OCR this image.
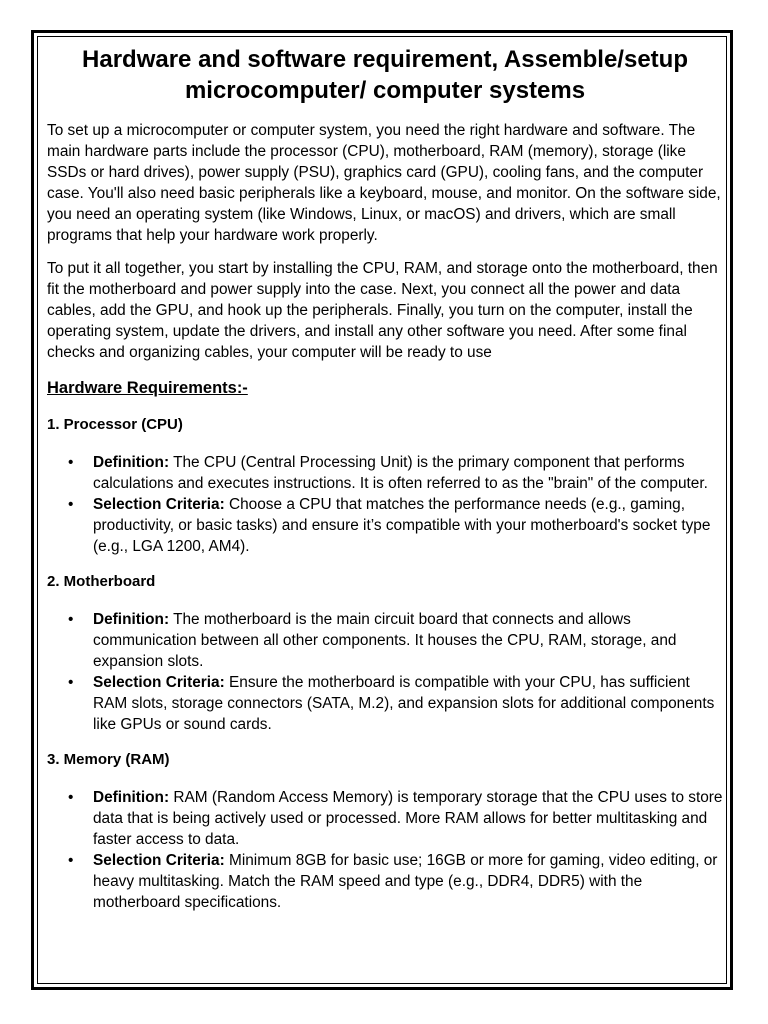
Hardware and software requirement, Assemble/setup microcomputer/ computer systems

To set up a microcomputer or computer system, you need the right hardware and software. The main hardware parts include the processor (CPU), motherboard, RAM (memory), storage (like SSDs or hard drives), power supply (PSU), graphics card (GPU), cooling fans, and the computer case. You'll also need basic peripherals like a keyboard, mouse, and monitor. On the software side, you need an operating system (like Windows, Linux, or macOS) and drivers, which are small programs that help your hardware work properly.

To put it all together, you start by installing the CPU, RAM, and storage onto the motherboard, then fit the motherboard and power supply into the case. Next, you connect all the power and data cables, add the GPU, and hook up the peripherals. Finally, you turn on the computer, install the operating system, update the drivers, and install any other software you need. After some final checks and organizing cables, your computer will be ready to use

Hardware Requirements:-
1. Processor (CPU)
• Definition: The CPU (Central Processing Unit) is the primary component that performs calculations and executes instructions. It is often referred to as the "brain" of the computer.
• Selection Criteria: Choose a CPU that matches the performance needs (e.g., gaming, productivity, or basic tasks) and ensure it’s compatible with your motherboard's socket type (e.g., LGA 1200, AM4).
2. Motherboard
• Definition: The motherboard is the main circuit board that connects and allows communication between all other components. It houses the CPU, RAM, storage, and expansion slots.
• Selection Criteria: Ensure the motherboard is compatible with your CPU, has sufficient RAM slots, storage connectors (SATA, M.2), and expansion slots for additional components like GPUs or sound cards.
3. Memory (RAM)
• Definition: RAM (Random Access Memory) is temporary storage that the CPU uses to store data that is being actively used or processed. More RAM allows for better multitasking and faster access to data.
• Selection Criteria: Minimum 8GB for basic use; 16GB or more for gaming, video editing, or heavy multitasking. Match the RAM speed and type (e.g., DDR4, DDR5) with the motherboard specifications.
